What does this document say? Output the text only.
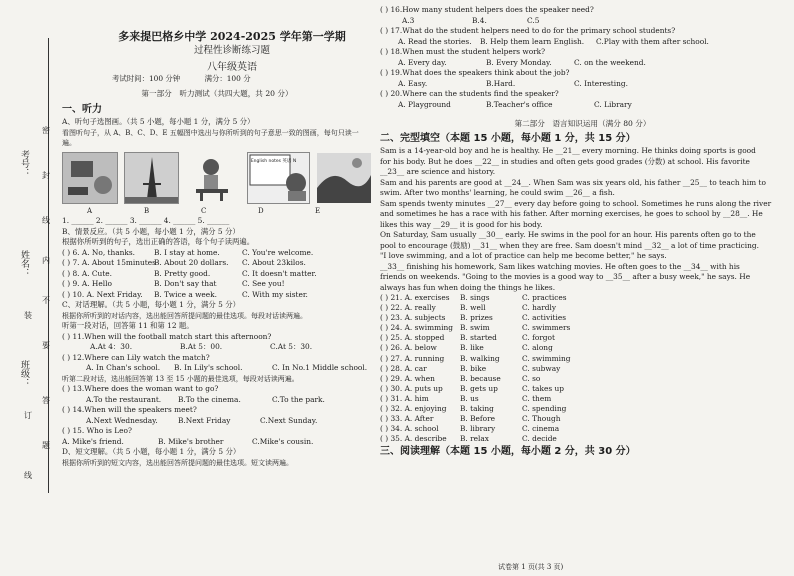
考号：
姓名：
班级：
密
封
线
内
不
要
答
题
装
订
线
多来提巴格乡中学 2024-2025 学年第一学期
过程性诊断练习题
八年级英语
考试时间：100 分钟	满分：100 分
第一部分　听力测试（共四大题，共 20 分）
一、听力
A、听句子选图画。（共 5 小题，每小题 1 分，满分 5 分）
看图听句子，从 A、B、C、D、E 五幅图中选出与你所听到的句子意思一致的图画，每句只读一遍。
English notes 英语 N
A	B	C	D	E
1. ______ 2. ______ 3. ______ 4. ______ 5. ______
B、情景反应。（共 5 小题，每小题 1 分，满分 5 分）
根据你所听到的句子，选出正确的答语，每个句子读两遍。
( ) 6. A. No, thanks.	B. I stay at home.	C. You're welcome.
( ) 7. A. About 15minutes
B. About 20 dollars.	C. About 23kilos.
( ) 8. A. Cute.	B. Pretty good.	C. It doesn't matter.
( ) 9. A. Hello	B. Don't say that	C. See you!
( ) 10. A. Next Friday.	B. Twice a week.	C. With my sister.
C、对话理解。（共 5 小题，每小题 1 分，满分 5 分）
根据你所听到的对话内容，选出能回答所提问题的最佳选项。每段对话读两遍。
听第一段对话，回答第 11 和第 12 题。
( ) 11.When will the football match start this afternoon?
A.At 4：30.	B.At 5：00.	C.At 5：30.
( ) 12.Where can Lily watch the match?
A. In Chan's school.	B. In Lily's school.	C. In No.1 Middle school.
听第二段对话，选出能回答第 13 至 15 小题的最佳选项，每段对话读两遍。
( ) 13.Where does the woman want to go?
A.To the restaurant.	B.To the cinema.	C.To the park.
( ) 14.When will the speakers meet?
A.Next Wednesday.	B.Next Friday	C.Next Sunday.
( ) 15. Who is Leo?
A. Mike's friend.	B. Mike's brother	C.Mike's cousin.
D、短文理解。（共 5 小题，每小题 1 分，满分 5 分）
根据你所听到的短文内容，选出能回答所提问题的最佳选项。短文读两遍。
( ) 16.How many student helpers does the speaker need?
A.3	B.4.	C.5
( ) 17.What do the student helpers need to do for the primary school students?
A. Read the stories.	B. Help them learn English.	C.Play with them after school.
( ) 18.When must the student helpers work?
A. Every day.	B. Every Monday.	C. on the weekend.
( ) 19.What does the speakers think about the job?
A. Easy.	B.Hard.	C. Interesting.
( ) 20.Where can the students find the speaker?
A. Playground	B.Teacher's office	C. Library
第二部分　语言知识运用（满分 80 分）
二、完型填空（本题 15 小题，每小题 1 分，共 15 分）
Sam is a 14-year-old boy and he is healthy. He __21__ every morning. He thinks doing sports is good
for his body. But he does __22__ in studies and often gets good grades (分数) at school. His favorite
__23__ are science and history.
Sam and his parents are good at __24__. When Sam was six years old, his father __25__ to teach him to
swim. After two months' learning, he could swim __26__ a fish.
Sam spends twenty minutes __27__ every day before going to school. Sometimes he runs along the river
and sometimes he has a race with his father. After morning exercises, he goes to school by __28__. He
likes this way __29__ it is good for his body.
On Saturday, Sam usually __30__ early. He swims in the pool for an hour. His parents often go to the
pool to encourage (鼓励) __31__ when they are free. Sam doesn't mind __32__ a lot of time practicing.
"I love swimming, and a lot of practice can help me become better," he says.
__33__ finishing his homework, Sam likes watching movies. He often goes to the __34__ with his
friends on weekends. "Going to the movies is a good way to __35__ after a busy week," he says. He
always has fun when doing the things he likes.
( ) 21. A. exercises	B. sings	C. practices
( ) 22. A. really	B. well	C. hardly
( ) 23. A. subjects	B. prizes	C. activities
( ) 24. A. swimming B. swim	C. swimmers
( ) 25. A. stopped	B. started	C. forgot
( ) 26. A. below	B. like	C. along
( ) 27. A. running	B. walking	C. swimming
( ) 28. A. car	B. bike	C. subway
( ) 29. A. when	B. because	C. so
( ) 30. A. puts up	B. gets up	C. takes up
( ) 31. A. him	B. us	C. them
( ) 32. A. enjoying	B. taking	C. spending
( ) 33. A. After	B. Before	C. Though
( ) 34. A. school	B. library	C. cinema
( ) 35. A. describe	B. relax	C. decide
三、阅读理解（本题 15 小题，每小题 2 分，共 30 分）
试卷第 1 页(共 3 页)
